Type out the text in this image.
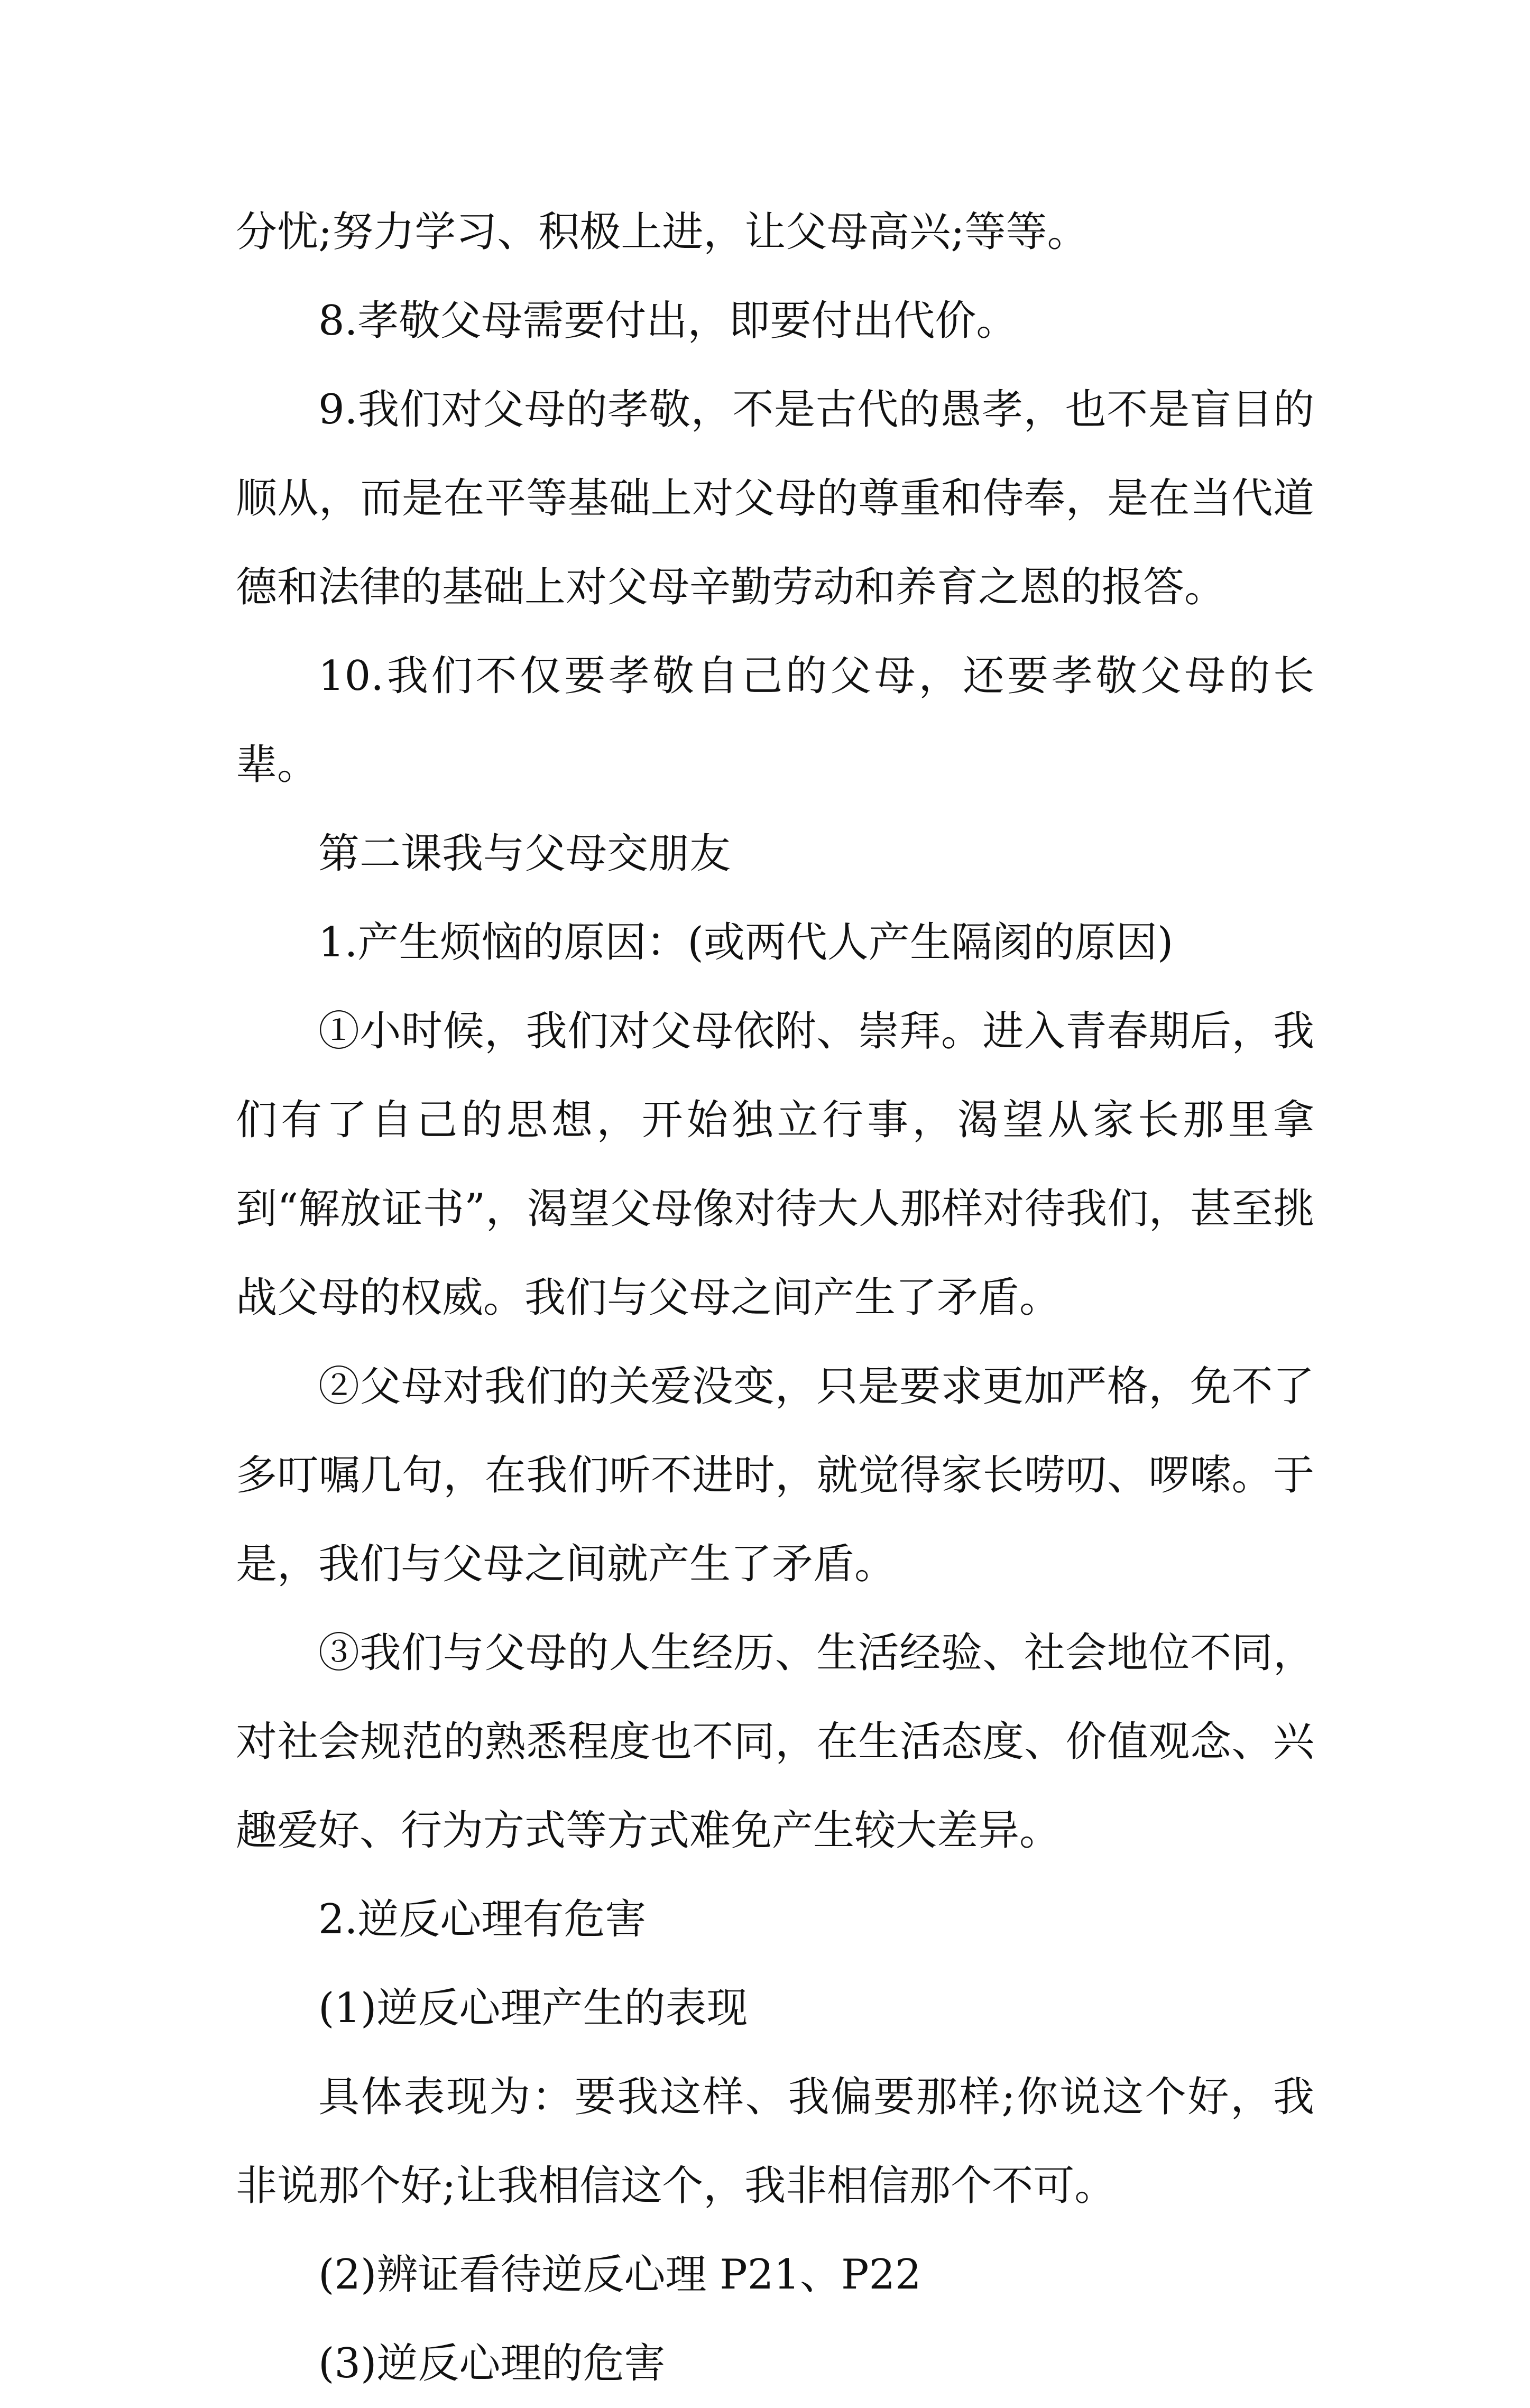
分忧;努力学习、积极上进，让父母高兴;等等。

8.孝敬父母需要付出，即要付出代价。

9.我们对父母的孝敬，不是古代的愚孝，也不是盲目的顺从，而是在平等基础上对父母的尊重和侍奉，是在当代道德和法律的基础上对父母辛勤劳动和养育之恩的报答。

10.我们不仅要孝敬自己的父母，还要孝敬父母的长辈。

第二课我与父母交朋友

1.产生烦恼的原因：(或两代人产生隔阂的原因)

①小时候，我们对父母依附、崇拜。进入青春期后，我们有了自己的思想，开始独立行事，渴望从家长那里拿到“解放证书”，渴望父母像对待大人那样对待我们，甚至挑战父母的权威。我们与父母之间产生了矛盾。

②父母对我们的关爱没变，只是要求更加严格，免不了多叮嘱几句，在我们听不进时，就觉得家长唠叨、啰嗦。于是，我们与父母之间就产生了矛盾。

③我们与父母的人生经历、生活经验、社会地位不同，对社会规范的熟悉程度也不同，在生活态度、价值观念、兴趣爱好、行为方式等方式难免产生较大差异。

2.逆反心理有危害

(1)逆反心理产生的表现

具体表现为：要我这样、我偏要那样;你说这个好，我非说那个好;让我相信这个，我非相信那个不可。

(2)辨证看待逆反心理 P21、P22

(3)逆反心理的危害
